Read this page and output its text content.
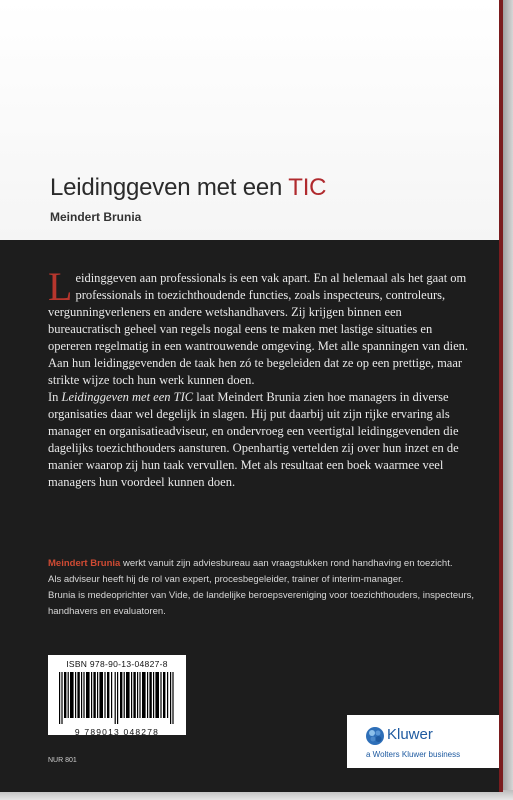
Leidinggeven met een TIC
Meindert Brunia

Leidinggeven aan professionals is een vak apart. En al helemaal als het gaat om professionals in toezichthoudende functies, zoals inspecteurs, controleurs, vergunningverleners en andere wetshandhavers. Zij krijgen binnen een bureaucratisch geheel van regels nogal eens te maken met lastige situaties en opereren regelmatig in een wantrouwende omgeving. Met alle spanningen van dien. Aan hun leidinggevenden de taak hen zó te begeleiden dat ze op een prettige, maar strikte wijze toch hun werk kunnen doen.

In Leidinggeven met een TIC laat Meindert Brunia zien hoe managers in diverse organisaties daar wel degelijk in slagen. Hij put daarbij uit zijn rijke ervaring als manager en organisatieadviseur, en ondervroeg een veertigtal leidinggevenden die dagelijks toezichthouders aansturen. Openhartig vertelden zij over hun inzet en de manier waarop zij hun taak vervullen. Met als resultaat een boek waarmee veel managers hun voordeel kunnen doen.

Meindert Brunia werkt vanuit zijn adviesbureau aan vraagstukken rond handhaving en toezicht.
Als adviseur heeft hij de rol van expert, procesbegeleider, trainer of interim-manager.
Brunia is medeoprichter van Vide, de landelijke beroepsvereniging voor toezichthouders, inspecteurs,
handhavers en evaluatoren.
ISBN 978-90-13-04827-8
9 789013 048278
NUR 801
Kluwer
a Wolters Kluwer business
